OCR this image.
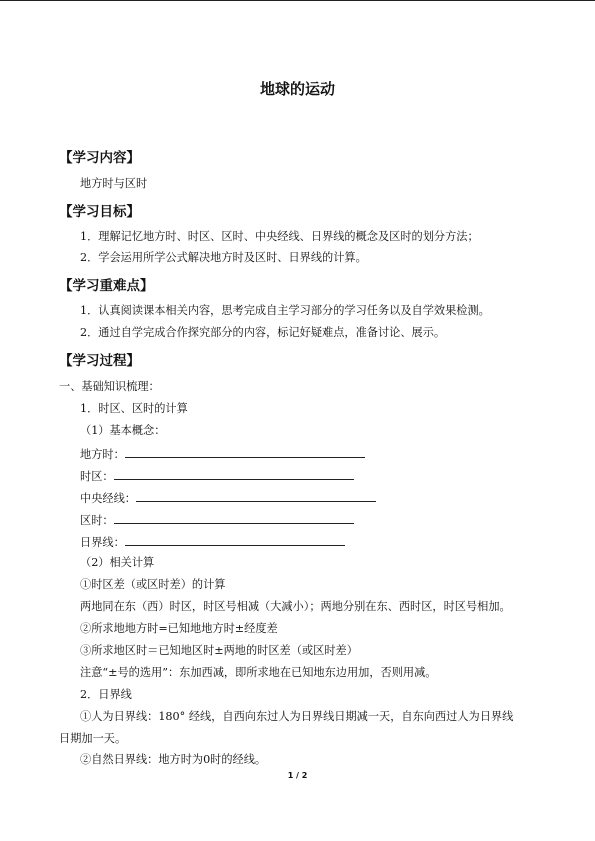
地球的运动
【学习内容】
地方时与区时
【学习目标】
1．理解记忆地方时、时区、区时、中央经线、日界线的概念及区时的划分方法；
2．学会运用所学公式解决地方时及区时、日界线的计算。
【学习重难点】
1．认真阅读课本相关内容，思考完成自主学习部分的学习任务以及自学效果检测。
2．通过自学完成合作探究部分的内容，标记好疑难点，准备讨论、展示。
【学习过程】
一、基础知识梳理：
1．时区、区时的计算
（1）基本概念：
地方时：
时区：
中央经线：
区时：
日界线：
（2）相关计算
①时区差（或区时差）的计算
两地同在东（西）时区，时区号相减（大减小）；两地分别在东、西时区，时区号相加。
②所求地地方时=已知地地方时±经度差
③所求地区时＝已知地区时±两地的时区差（或区时差）
注意“±号的选用”：东加西减，即所求地在已知地东边用加，否则用减。
2．日界线
①人为日界线：180° 经线，自西向东过人为日界线日期减一天，自东向西过人为日界线
日期加一天。
②自然日界线：地方时为0时的经线。
1 / 2
